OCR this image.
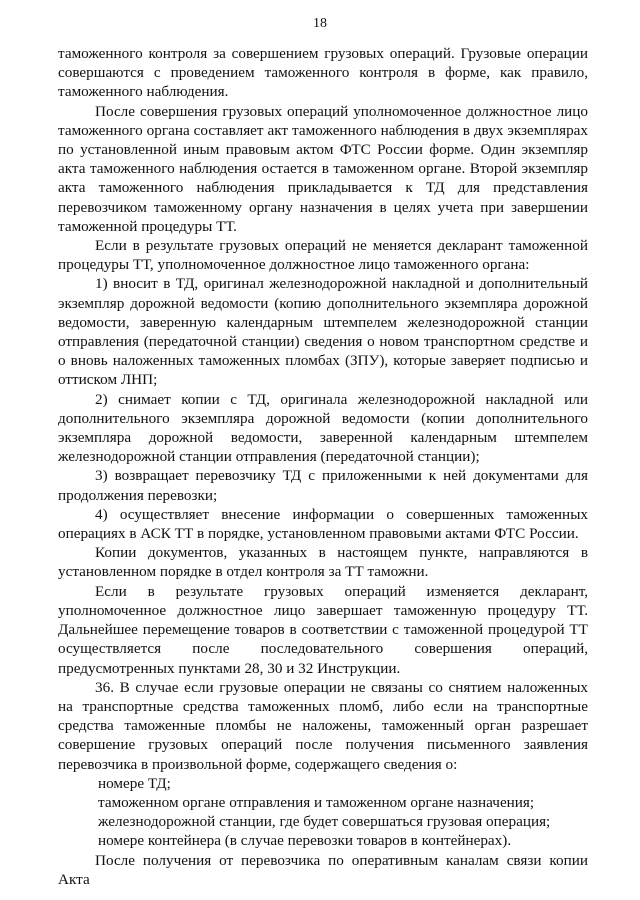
18

таможенного контроля за совершением грузовых операций. Грузовые операции совершаются с проведением таможенного контроля в форме, как правило, таможенного наблюдения.

После совершения грузовых операций уполномоченное должностное лицо таможенного органа составляет акт таможенного наблюдения в двух экземплярах по установленной иным правовым актом ФТС России форме. Один экземпляр акта таможенного наблюдения остается в таможенном органе. Второй экземпляр акта таможенного наблюдения прикладывается к ТД для представления перевозчиком таможенному органу назначения в целях учета при завершении таможенной процедуры ТТ.

Если в результате грузовых операций не меняется декларант таможенной процедуры ТТ, уполномоченное должностное лицо таможенного органа:

1) вносит в ТД, оригинал железнодорожной накладной и дополнительный экземпляр дорожной ведомости (копию дополнительного экземпляра дорожной ведомости, заверенную календарным штемпелем железнодорожной станции отправления (передаточной станции) сведения о новом транспортном средстве и о вновь наложенных таможенных пломбах (ЗПУ), которые заверяет подписью и оттиском ЛНП;

2) снимает копии с ТД, оригинала железнодорожной накладной или дополнительного экземпляра дорожной ведомости (копии дополнительного экземпляра дорожной ведомости, заверенной календарным штемпелем железнодорожной станции отправления (передаточной станции);

3) возвращает перевозчику ТД с приложенными к ней документами для продолжения перевозки;

4) осуществляет внесение информации о совершенных таможенных операциях в АСК ТТ в порядке, установленном правовыми актами ФТС России.

Копии документов, указанных в настоящем пункте, направляются в установленном порядке в отдел контроля за ТТ таможни.

Если в результате грузовых операций изменяется декларант, уполномоченное должностное лицо завершает таможенную процедуру ТТ. Дальнейшее перемещение товаров в соответствии с таможенной процедурой ТТ осуществляется после последовательного совершения операций, предусмотренных пунктами 28, 30 и 32 Инструкции.

36. В случае если грузовые операции не связаны со снятием наложенных на транспортные средства таможенных пломб, либо если на транспортные средства таможенные пломбы не наложены, таможенный орган разрешает совершение грузовых операций после получения письменного заявления перевозчика в произвольной форме, содержащего сведения о:

номере ТД;

таможенном органе отправления и таможенном органе назначения;

железнодорожной станции, где будет совершаться грузовая операция;

номере контейнера (в случае перевозки товаров в контейнерах).

После получения от перевозчика по оперативным каналам связи копии Акта
